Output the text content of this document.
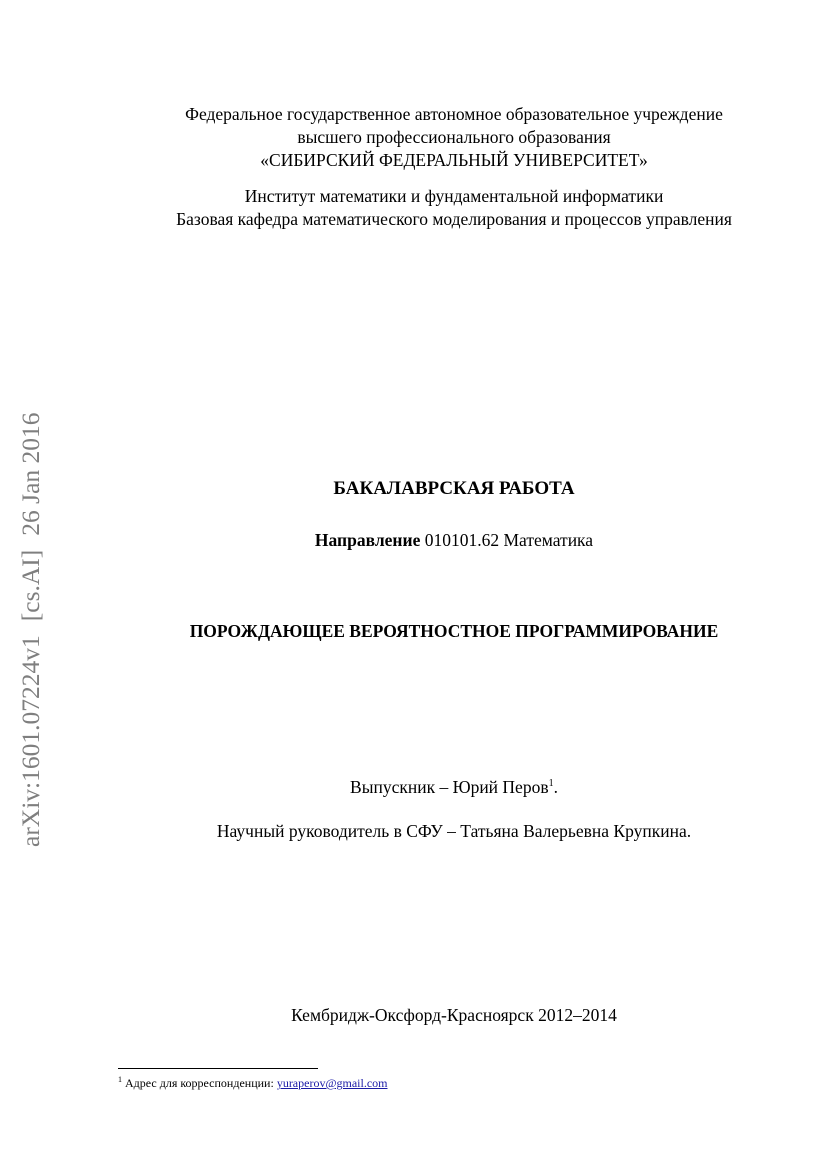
Федеральное государственное автономное образовательное учреждение
высшего профессионального образования
«СИБИРСКИЙ ФЕДЕРАЛЬНЫЙ УНИВЕРСИТЕТ»
Институт математики и фундаментальной информатики
Базовая кафедра математического моделирования и процессов управления
arXiv:1601.07224v1[cs.AI]26 Jan 2016	БАКАЛАВРСКАЯ РАБОТА
Направление 010101.62 Математика
ПОРОЖДАЮЩЕЕ ВЕРОЯТНОСТНОЕ ПРОГРАММИРОВАНИЕ
Выпускник – Юрий Перов$^1$.
Научный руководитель в СФУ – Татьяна Валерьевна Крупкина.
Кембридж-Оксфорд-Красноярск 2012–2014
$^1$ Адрес для корреспонденции: yuraperov@gmail.com
